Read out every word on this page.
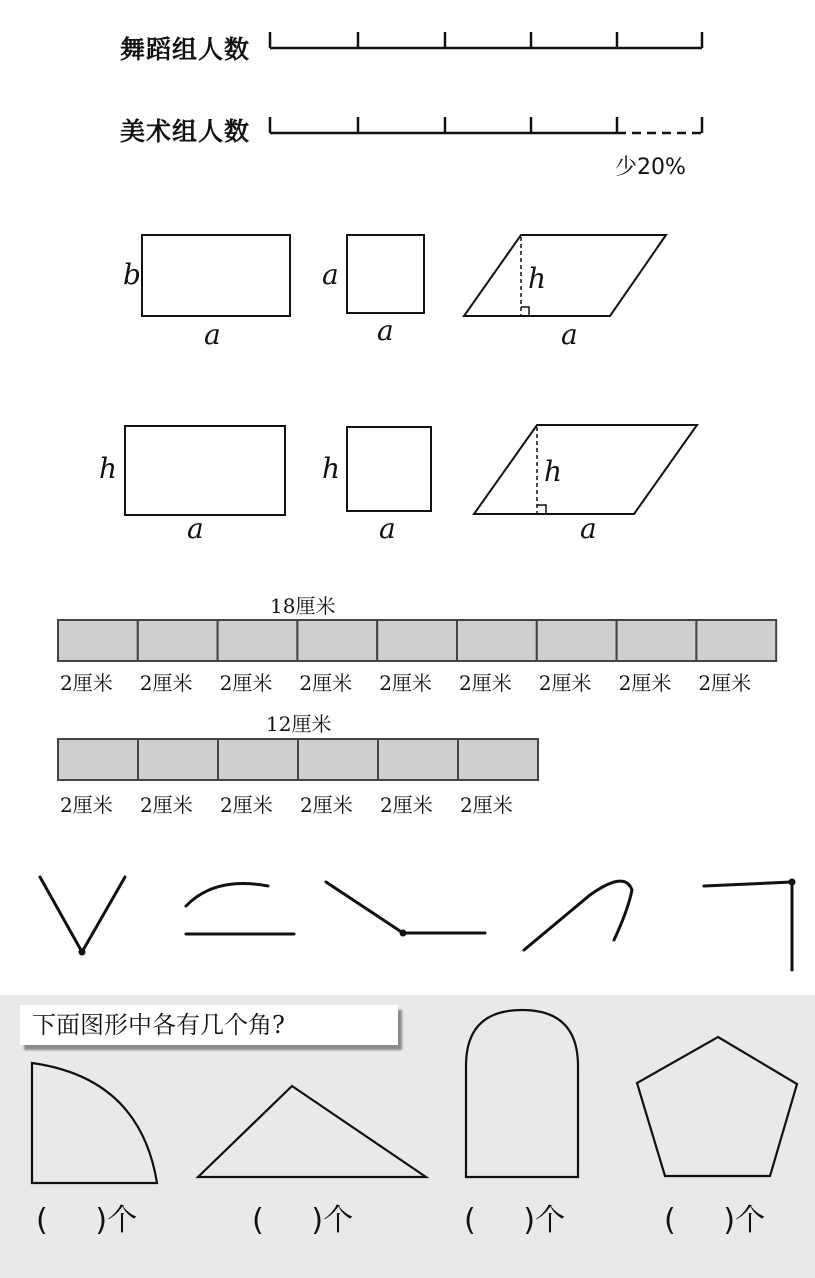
舞蹈组人数
美术组人数
少20%
b
a
a
a
h
a
h
a
h
a
h
a
18厘米
12厘米
2厘米 2厘米 2厘米 2厘米 2厘米 2厘米 2厘米 2厘米 2厘米
2厘米 2厘米 2厘米 2厘米 2厘米 2厘米
下面图形中各有几个角?
(     )个	(     )个	(     )个	(     )个
